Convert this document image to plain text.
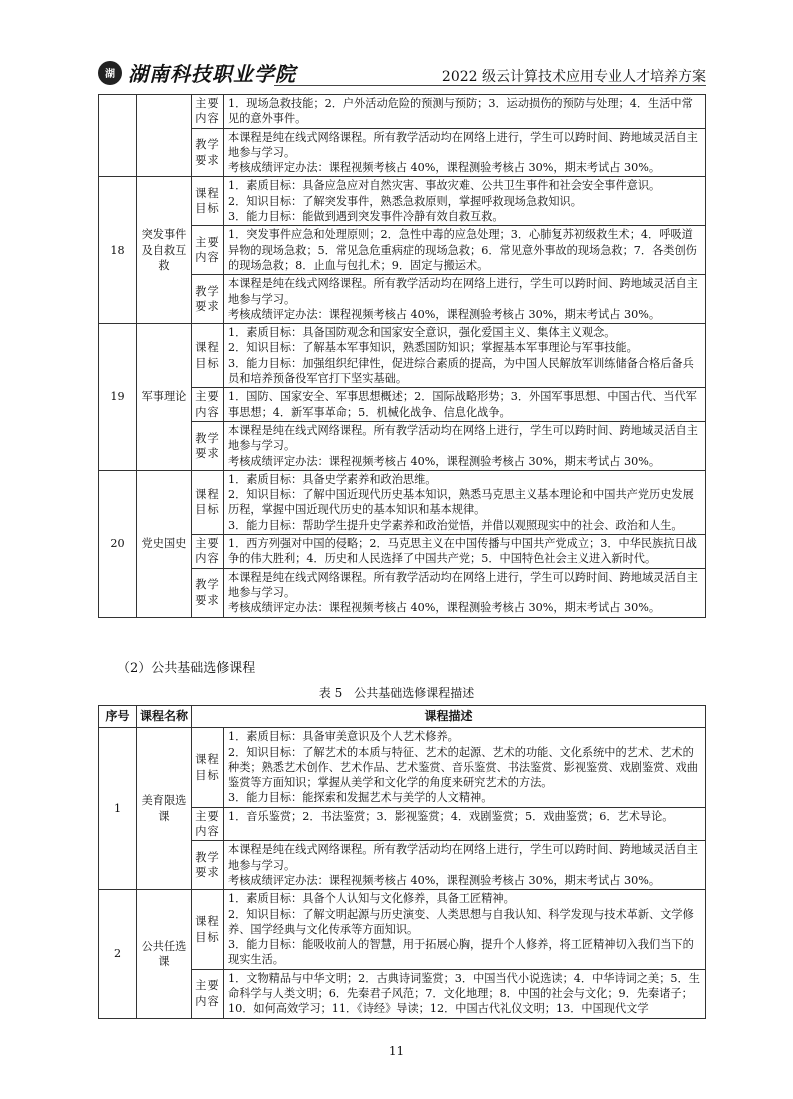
湖 湖南科技职业学院	2022 级云计算技术应用专业人才培养方案
		主要内容	1．现场急救技能；2．户外活动危险的预测与预防；3．运动损伤的预防与处理；4．生活中常见的意外事件。

		教学要求	本课程是纯在线式网络课程。所有教学活动均在网络上进行，学生可以跨时间、跨地域灵活自主地参与学习。
考核成绩评定办法：课程视频考核占 40%，课程测验考核占 30%，期末考试占 30%。

18	突发事件及自救互救	课程目标	1．素质目标：具备应急应对自然灾害、事故灾难、公共卫生事件和社会安全事件意识。
2．知识目标：了解突发事件，熟悉急救原则，掌握呼救现场急救知识。
3．能力目标：能做到遇到突发事件冷静有效自救互救。

		主要内容	1．突发事件应急和处理原则；2．急性中毒的应急处理；3．心肺复苏初级救生术；4．呼吸道异物的现场急救；5．常见急危重病症的现场急救；6．常见意外事故的现场急救；7．各类创伤的现场急救；8．止血与包扎术；9．固定与搬运术。

		教学要求	本课程是纯在线式网络课程。所有教学活动均在网络上进行，学生可以跨时间、跨地域灵活自主地参与学习。
考核成绩评定办法：课程视频考核占 40%，课程测验考核占 30%，期末考试占 30%。

19	军事理论	课程目标	1．素质目标：具备国防观念和国家安全意识，强化爱国主义、集体主义观念。
2．知识目标：了解基本军事知识，熟悉国防知识；掌握基本军事理论与军事技能。
3．能力目标：加强组织纪律性，促进综合素质的提高，为中国人民解放军训练储备合格后备兵员和培养预备役军官打下坚实基础。

		主要内容	1．国防、国家安全、军事思想概述；2．国际战略形势；3．外国军事思想、中国古代、当代军事思想；4．新军事革命；5．机械化战争、信息化战争。

		教学要求	本课程是纯在线式网络课程。所有教学活动均在网络上进行，学生可以跨时间、跨地域灵活自主地参与学习。
考核成绩评定办法：课程视频考核占 40%，课程测验考核占 30%，期末考试占 30%。

20	党史国史	课程目标	1．素质目标：具备史学素养和政治思维。
2．知识目标：了解中国近现代历史基本知识，熟悉马克思主义基本理论和中国共产党历史发展历程，掌握中国近现代历史的基本知识和基本规律。
3．能力目标：帮助学生提升史学素养和政治觉悟，并借以观照现实中的社会、政治和人生。

		主要内容	1．西方列强对中国的侵略；2．马克思主义在中国传播与中国共产党成立；3．中华民族抗日战争的伟大胜利；4．历史和人民选择了中国共产党；5．中国特色社会主义进入新时代。

		教学要求	本课程是纯在线式网络课程。所有教学活动均在网络上进行，学生可以跨时间、跨地域灵活自主地参与学习。
考核成绩评定办法：课程视频考核占 40%，课程测验考核占 30%，期末考试占 30%。
（2）公共基础选修课程
表 5　公共基础选修课程描述
序号	课程名称	课程描述	
1	美育限选课	课程目标	1．素质目标：具备审美意识及个人艺术修养。
2．知识目标：了解艺术的本质与特征、艺术的起源、艺术的功能、文化系统中的艺术、艺术的种类；熟悉艺术创作、艺术作品、艺术鉴赏、音乐鉴赏、书法鉴赏、影视鉴赏、戏剧鉴赏、戏曲鉴赏等方面知识；掌握从美学和文化学的角度来研究艺术的方法。
3．能力目标：能探索和发掘艺术与美学的人文精神。

		主要内容	1．音乐鉴赏；2．书法鉴赏；3．影视鉴赏；4．戏剧鉴赏；5．戏曲鉴赏；6．艺术导论。

		教学要求	本课程是纯在线式网络课程。所有教学活动均在网络上进行，学生可以跨时间、跨地域灵活自主地参与学习。
考核成绩评定办法：课程视频考核占 40%，课程测验考核占 30%，期末考试占 30%。

2	公共任选课	课程目标	1．素质目标：具备个人认知与文化修养，具备工匠精神。
2．知识目标：了解文明起源与历史演变、人类思想与自我认知、科学发现与技术革新、文学修养、国学经典与文化传承等方面知识。
3．能力目标：能吸收前人的智慧，用于拓展心胸，提升个人修养，将工匠精神切入我们当下的现实生活。

		主要内容	1．文物精品与中华文明；2．古典诗词鉴赏；3．中国当代小说选读；4．中华诗词之美；5．生命科学与人类文明；6．先秦君子风范；7．文化地理；8．中国的社会与文化；9．先秦诸子；10．如何高效学习；11．《诗经》导读；12．中国古代礼仪文明；13．中国现代文学
11
